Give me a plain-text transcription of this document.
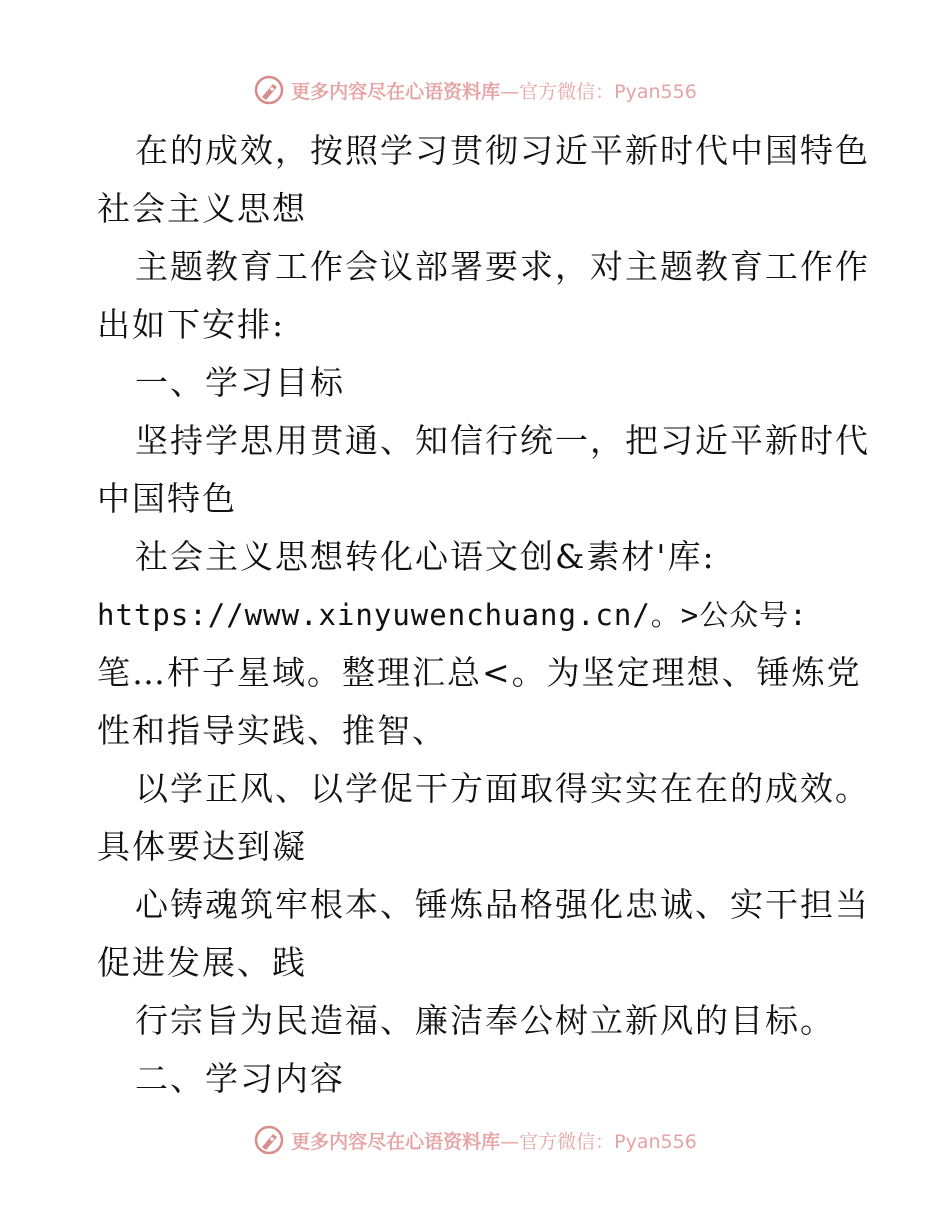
更多内容尽在心语资料库 —官方微信：Pyan556

在的成效，按照学习贯彻习近平新时代中国特色

社会主义思想

主题教育工作会议部署要求，对主题教育工作作

出如下安排:

一、学习目标

坚持学思用贯通、知信行统一，把习近平新时代

中国特色

社会主义思想转化心语文创&素材'库:

https://www.xinyuwenchuang.cn/。>公众号:

笔…杆子星域。整理汇总<。为坚定理想、锤炼党

性和指导实践、推智、

以学正风、以学促干方面取得实实在在的成效。

具体要达到凝

心铸魂筑牢根本、锤炼品格强化忠诚、实干担当

促进发展、践

行宗旨为民造福、廉洁奉公树立新风的目标。

二、学习内容

更多内容尽在心语资料库 —官方微信：Pyan556
